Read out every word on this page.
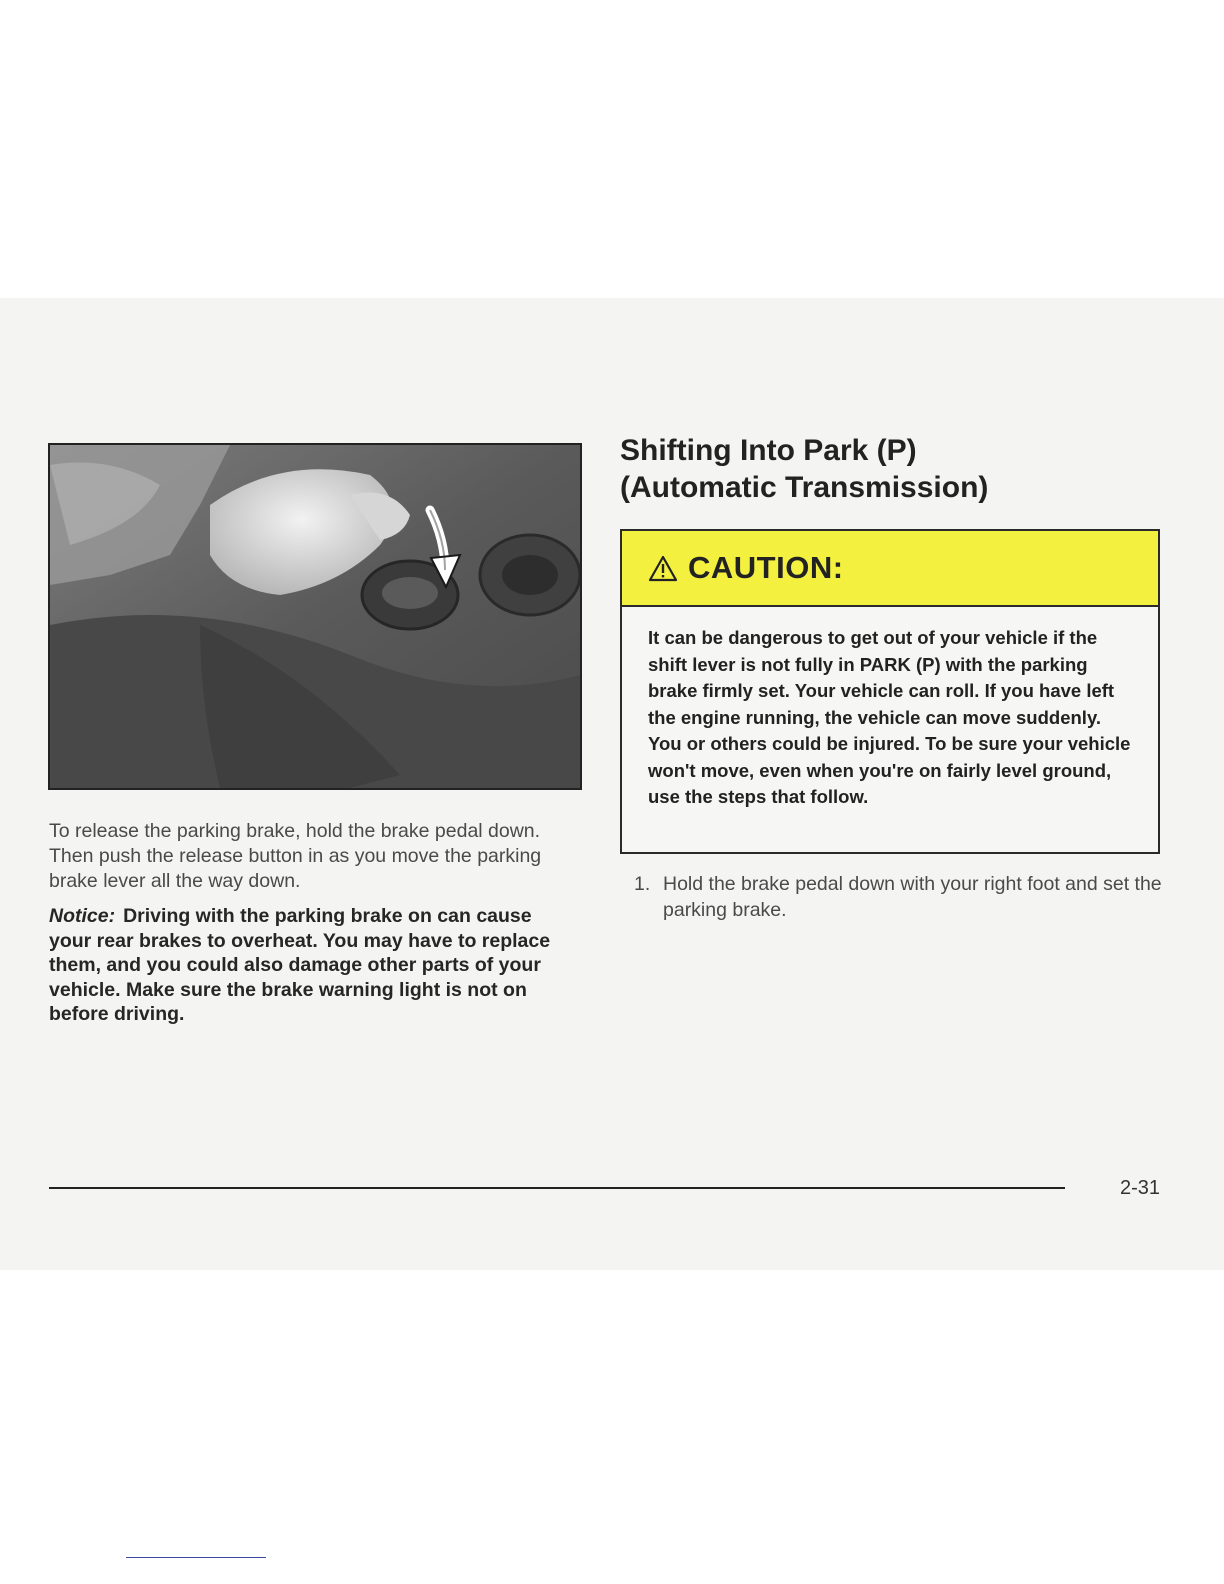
To release the parking brake, hold the brake pedal down. Then push the release button in as you move the parking brake lever all the way down.

Notice: Driving with the parking brake on can cause your rear brakes to overheat. You may have to replace them, and you could also damage other parts of your vehicle. Make sure the brake warning light is not on before driving.

Shifting Into Park (P)
(Automatic Transmission)
CAUTION:

It can be dangerous to get out of your vehicle if the shift lever is not fully in PARK (P) with the parking brake firmly set. Your vehicle can roll. If you have left the engine running, the vehicle can move suddenly. You or others could be injured. To be sure your vehicle won't move, even when you're on fairly level ground, use the steps that follow.

1. Hold the brake pedal down with your right foot and set the parking brake.
2-31
